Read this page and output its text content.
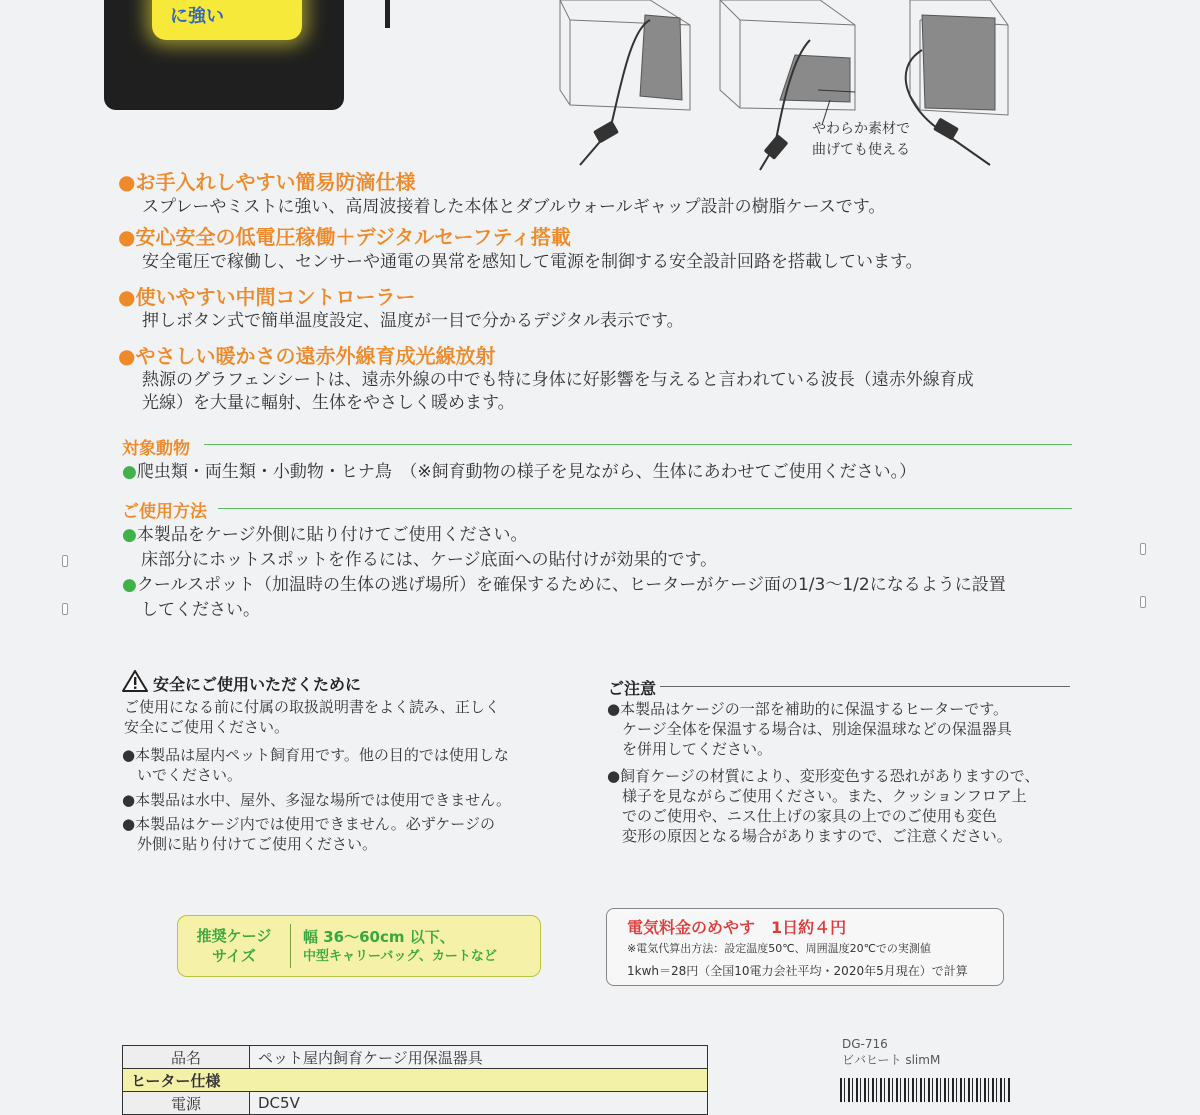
に強い
やわらか素材で
曲げても使える
●お手入れしやすい簡易防滴仕様
スプレーやミストに強い、高周波接着した本体とダブルウォールギャップ設計の樹脂ケースです。
●安心安全の低電圧稼働＋デジタルセーフティ搭載
安全電圧で稼働し、センサーや通電の異常を感知して電源を制御する安全設計回路を搭載しています。
●使いやすい中間コントローラー
押しボタン式で簡単温度設定、温度が一目で分かるデジタル表示です。
●やさしい暖かさの遠赤外線育成光線放射
熱源のグラフェンシートは、遠赤外線の中でも特に身体に好影響を与えると言われている波長（遠赤外線育成
光線）を大量に輻射、生体をやさしく暖めます。
対象動物
●爬虫類・両生類・小動物・ヒナ鳥　（※飼育動物の様子を見ながら、生体にあわせてご使用ください。）
ご使用方法
●本製品をケージ外側に貼り付けてご使用ください。
床部分にホットスポットを作るには、ケージ底面への貼付けが効果的です。
●クールスポット（加温時の生体の逃げ場所）を確保するために、ヒーターがケージ面の1/3〜1/2になるように設置
してください。
安全にご使用いただくために
ご使用になる前に付属の取扱説明書をよく読み、正しく
安全にご使用ください。
●本製品は屋内ペット飼育用です。他の目的では使用しな
　いでください。
●本製品は水中、屋外、多湿な場所では使用できません。
●本製品はケージ内では使用できません。必ずケージの
　外側に貼り付けてご使用ください。
ご注意
●本製品はケージの一部を補助的に保温するヒーターです。
　ケージ全体を保温する場合は、別途保温球などの保温器具
　を併用してください。
●飼育ケージの材質により、変形変色する恐れがありますので、
　様子を見ながらご使用ください。また、クッションフロア上
　でのご使用や、ニス仕上げの家具の上でのご使用も変色
　変形の原因となる場合がありますので、ご注意ください。
推奨ケージ
サイズ
幅 36〜60cm 以下、
中型キャリーバッグ、カートなど
電気料金のめやす　1日約４円
※電気代算出方法：設定温度50℃、周囲温度20℃での実測値
1kwh＝28円（全国10電力会社平均・2020年5月現在）で計算
品名	ペット屋内飼育ケージ用保温器具
ヒーター仕様	
電源	DC5V
DG-716
ビバヒート slimM
